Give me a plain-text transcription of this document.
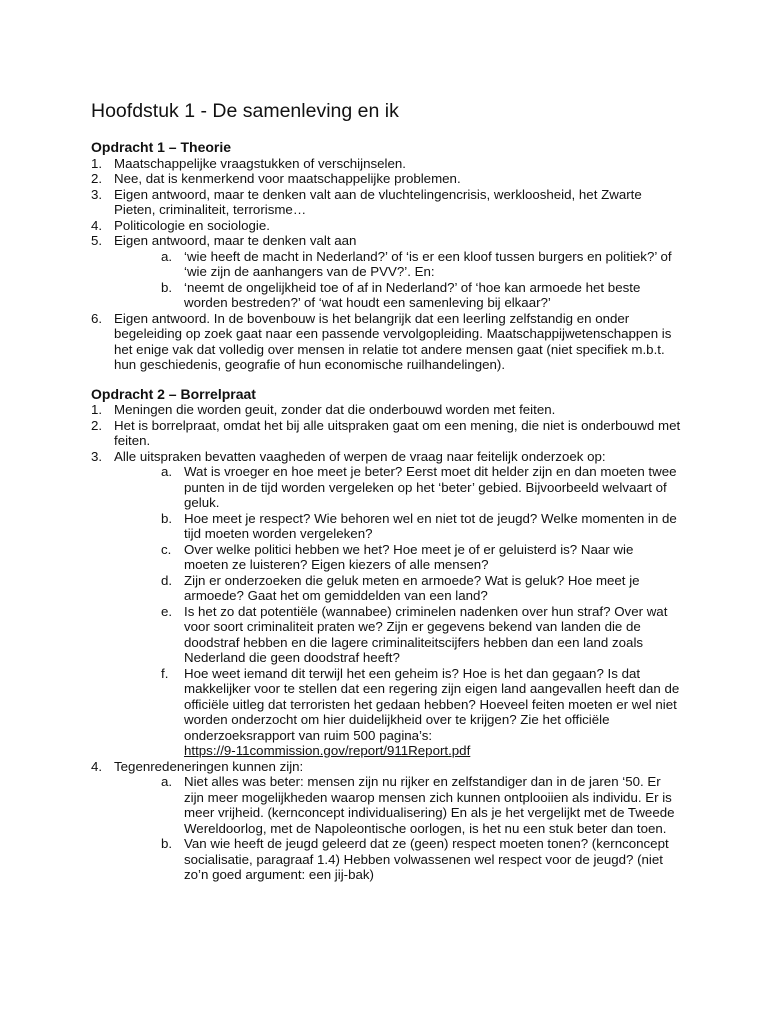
Hoofdstuk 1 - De samenleving en ik
Opdracht 1 – Theorie
1. Maatschappelijke vraagstukken of verschijnselen.
2. Nee, dat is kenmerkend voor maatschappelijke problemen.
3. Eigen antwoord, maar te denken valt aan de vluchtelingencrisis, werkloosheid, het Zwarte Pieten, criminaliteit, terrorisme…
4. Politicologie en sociologie.
5. Eigen antwoord, maar te denken valt aan
a. ‘wie heeft de macht in Nederland?’ of ‘is er een kloof tussen burgers en politiek?’ of ‘wie zijn de aanhangers van de PVV?’. En:
b. ‘neemt de ongelijkheid toe of af in Nederland?’ of ‘hoe kan armoede het beste worden bestreden?’ of ‘wat houdt een samenleving bij elkaar?’
6. Eigen antwoord. In de bovenbouw is het belangrijk dat een leerling zelfstandig en onder begeleiding op zoek gaat naar een passende vervolgopleiding. Maatschappijwetenschappen is het enige vak dat volledig over mensen in relatie tot andere mensen gaat (niet specifiek m.b.t. hun geschiedenis, geografie of hun economische ruilhandelingen).
Opdracht 2 – Borrelpraat
1. Meningen die worden geuit, zonder dat die onderbouwd worden met feiten.
2. Het is borrelpraat, omdat het bij alle uitspraken gaat om een mening, die niet is onderbouwd met feiten.
3. Alle uitspraken bevatten vaagheden of werpen de vraag naar feitelijk onderzoek op:
a. Wat is vroeger en hoe meet je beter? Eerst moet dit helder zijn en dan moeten twee punten in de tijd worden vergeleken op het ‘beter’ gebied. Bijvoorbeeld welvaart of geluk.
b. Hoe meet je respect? Wie behoren wel en niet tot de jeugd? Welke momenten in de tijd moeten worden vergeleken?
c. Over welke politici hebben we het? Hoe meet je of er geluisterd is? Naar wie moeten ze luisteren? Eigen kiezers of alle mensen?
d. Zijn er onderzoeken die geluk meten en armoede? Wat is geluk? Hoe meet je armoede? Gaat het om gemiddelden van een land?
e. Is het zo dat potentiële (wannabee) criminelen nadenken over hun straf? Over wat voor soort criminaliteit praten we? Zijn er gegevens bekend van landen die de doodstraf hebben en die lagere criminaliteitscijfers hebben dan een land zoals Nederland die geen doodstraf heeft?
f. Hoe weet iemand dit terwijl het een geheim is? Hoe is het dan gegaan? Is dat makkelijker voor te stellen dat een regering zijn eigen land aangevallen heeft dan de officiële uitleg dat terroristen het gedaan hebben? Hoeveel feiten moeten er wel niet worden onderzocht om hier duidelijkheid over te krijgen? Zie het officiële onderzoeksrapport van ruim 500 pagina’s:
https://9-11commission.gov/report/911Report.pdf
4. Tegenredeneringen kunnen zijn:
a. Niet alles was beter: mensen zijn nu rijker en zelfstandiger dan in de jaren ‘50. Er zijn meer mogelijkheden waarop mensen zich kunnen ontplooiien als individu. Er is meer vrijheid. (kernconcept individualisering) En als je het vergelijkt met de Tweede Wereldoorlog, met de Napoleontische oorlogen, is het nu een stuk beter dan toen.
b. Van wie heeft de jeugd geleerd dat ze (geen) respect moeten tonen? (kernconcept socialisatie, paragraaf 1.4) Hebben volwassenen wel respect voor de jeugd? (niet zo’n goed argument: een jij-bak)
